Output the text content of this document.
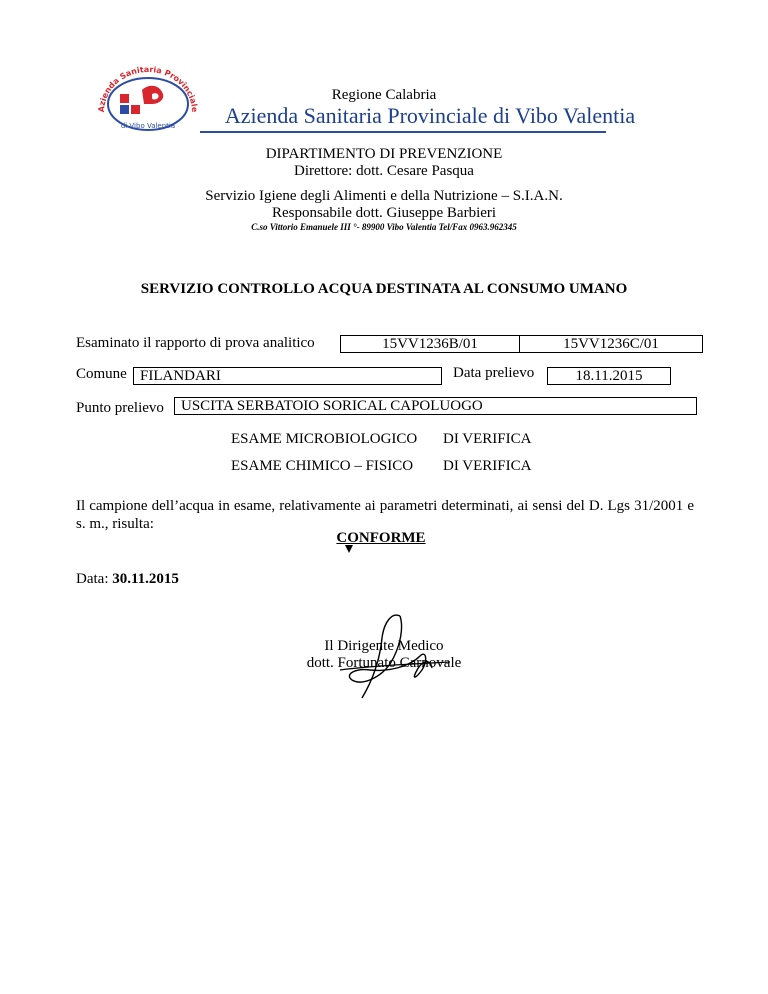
Azienda Sanitaria Provinciale
di Vibo Valentia
Regione Calabria
Azienda Sanitaria Provinciale di Vibo Valentia
DIPARTIMENTO DI PREVENZIONE
Direttore: dott. Cesare Pasqua
Servizio Igiene degli Alimenti e della Nutrizione – S.I.A.N.
Responsabile dott. Giuseppe Barbieri
C.so Vittorio Emanuele III °- 89900 Vibo Valentia Tel/Fax 0963.962345
SERVIZIO CONTROLLO ACQUA DESTINATA AL CONSUMO UMANO
Esaminato il rapporto di prova analitico	15VV1236B/01	15VV1236C/01
Comune FILANDARI	Data prelievo	18.11.2015
Punto prelievo	USCITA SERBATOIO SORICAL CAPOLUOGO
ESAME MICROBIOLOGICO DI VERIFICA
ESAME CHIMICO – FISICO DI VERIFICA
Il campione dell’acqua in esame, relativamente ai parametri determinati, ai sensi del D. Lgs 31/2001 e s. m., risulta:
CONFORME
Data: 30.11.2015
Il Dirigente Medico
dott. Fortunato Carnovale
